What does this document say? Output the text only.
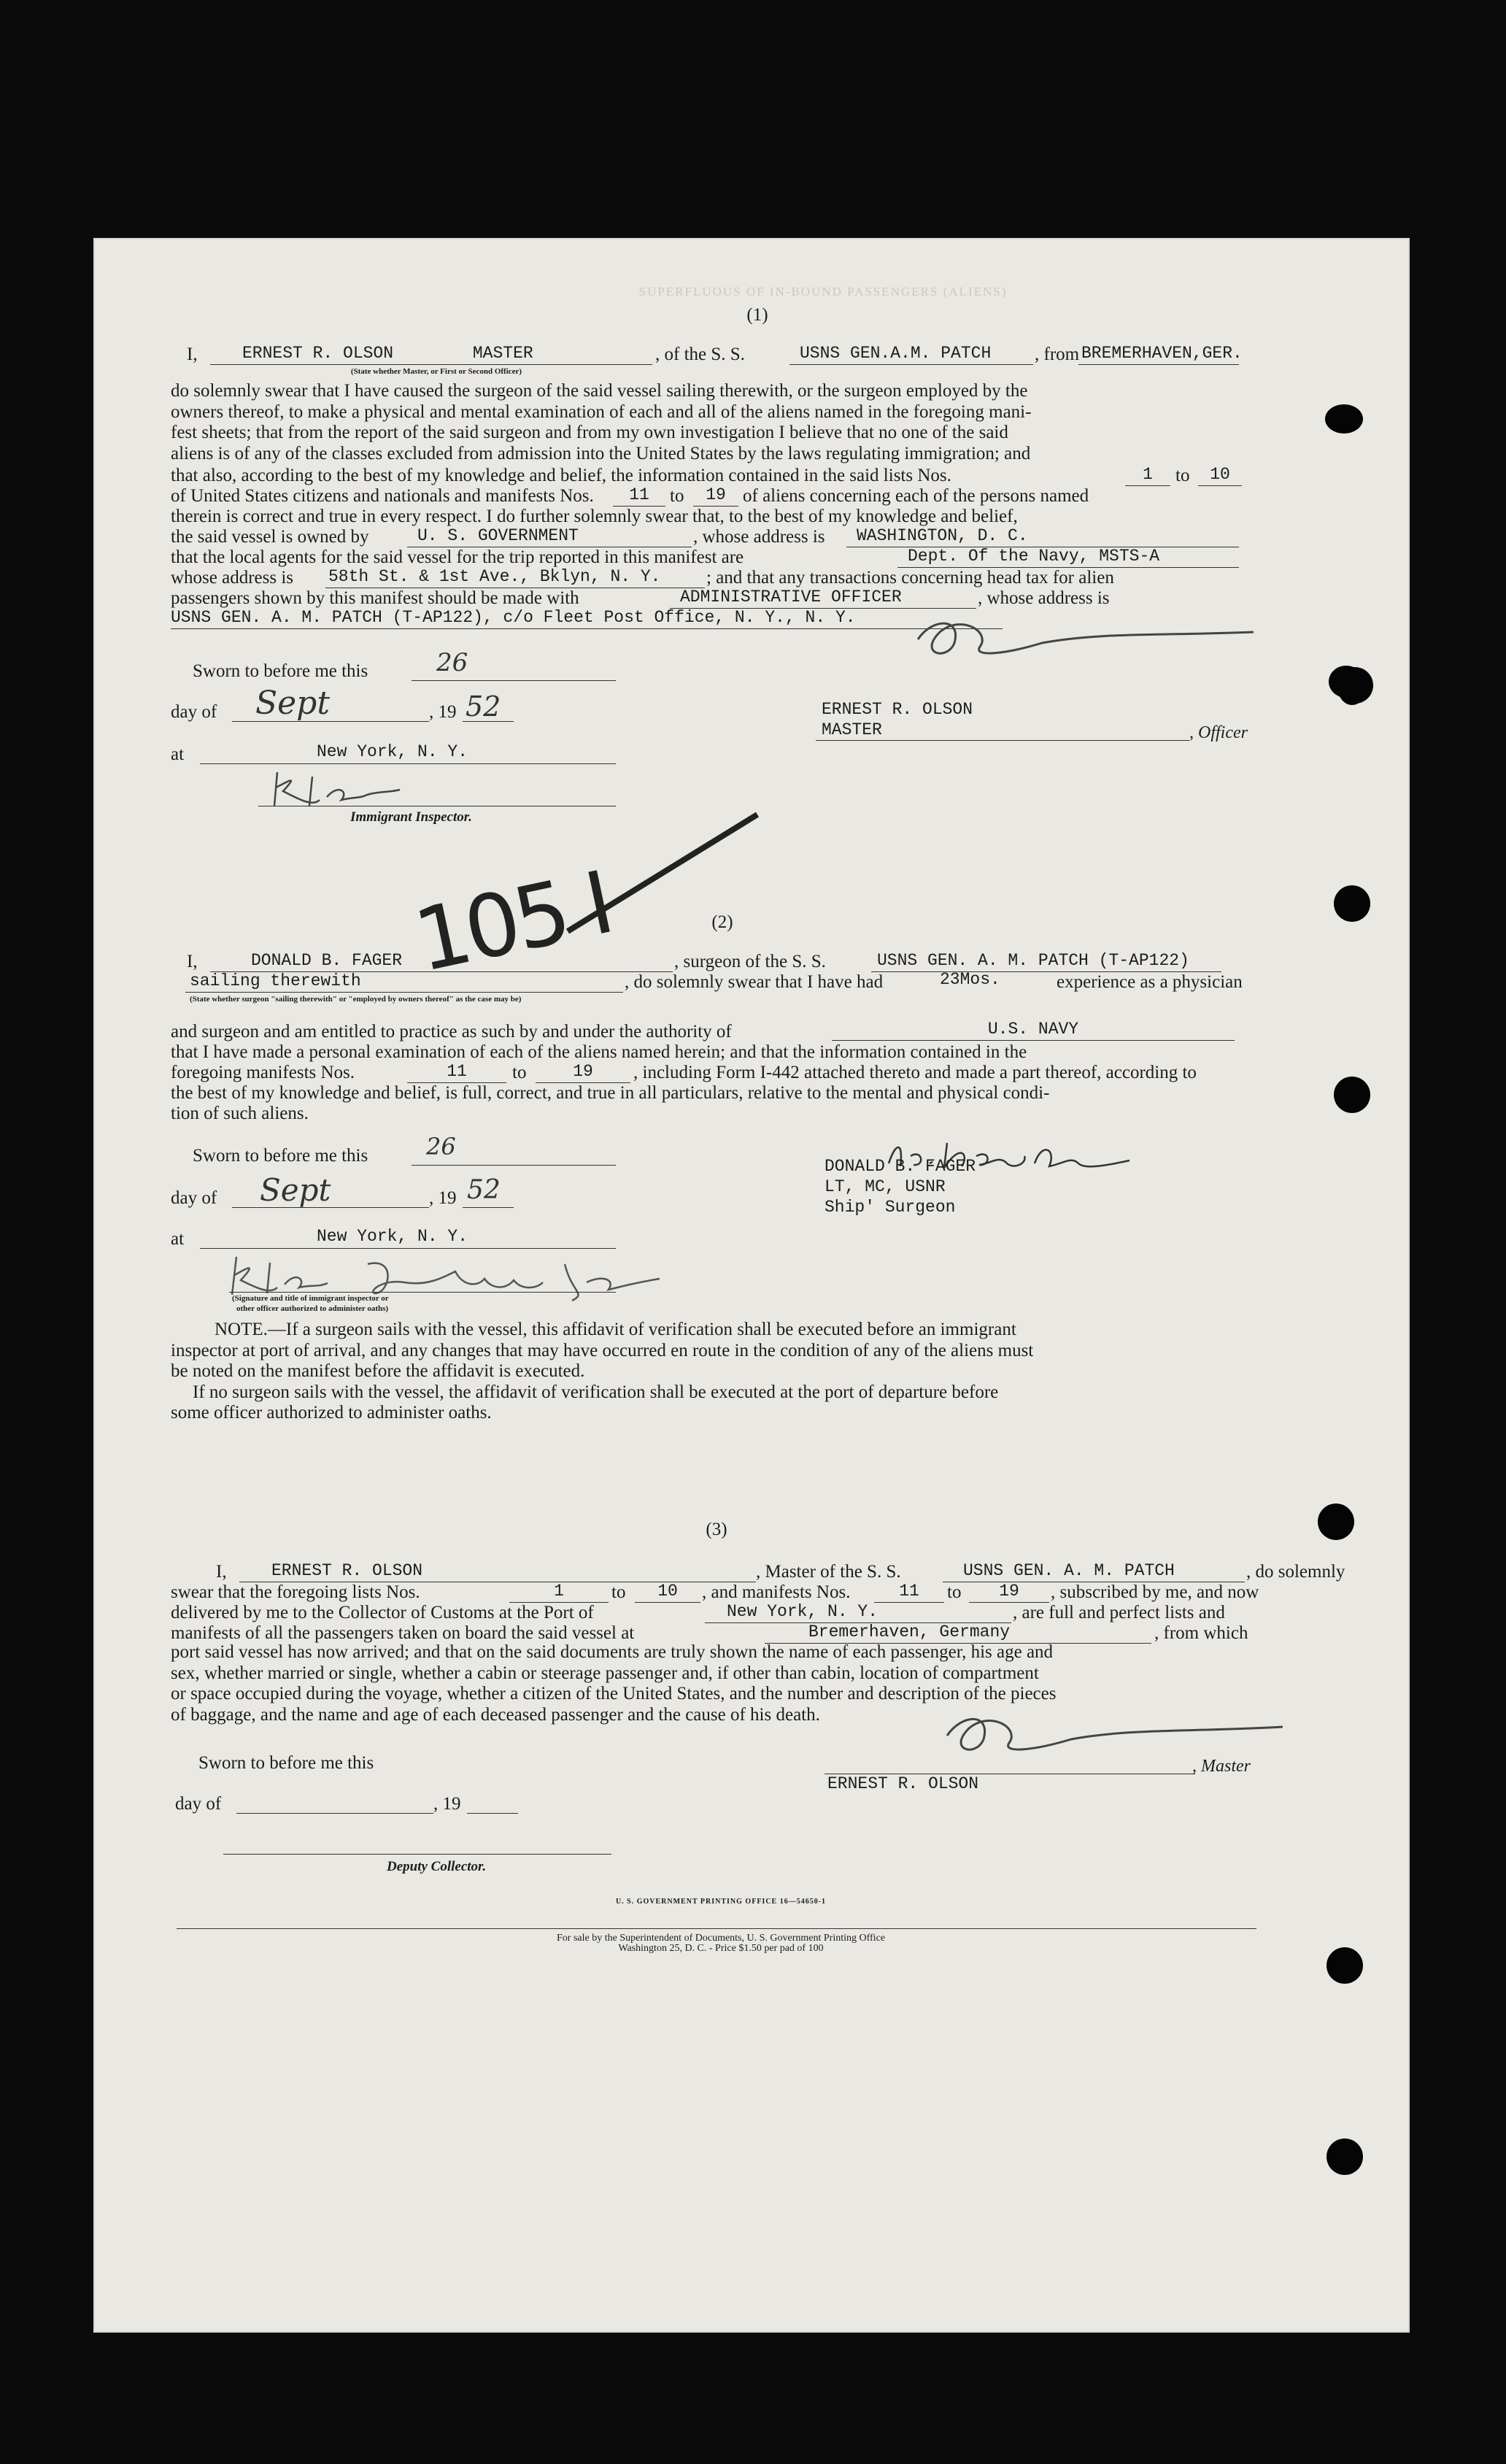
SUPERFLUOUS OF IN-BOUND PASSENGERS (ALIENS)
(1)
I,	ERNEST R. OLSON	MASTER
(State whether Master, or First or Second Officer)
, of the S. S.	USNS GEN.A.M. PATCH	, from BREMERHAVEN,GER.
do solemnly swear that I have caused the surgeon of the said vessel sailing therewith, or the surgeon employed by the
owners thereof, to make a physical and mental examination of each and all of the aliens named in the foregoing mani-
fest sheets; that from the report of the said surgeon and from my own investigation I believe that no one of the said
aliens is of any of the classes excluded from admission into the United States by the laws regulating immigration; and
that also, according to the best of my knowledge and belief, the information contained in the said lists Nos.	1	to	10
of United States citizens and nationals and manifests Nos.	11	to	19 of aliens concerning each of the persons named
therein is correct and true in every respect. I do further solemnly swear that, to the best of my knowledge and belief,
the said vessel is owned by	U. S. GOVERNMENT	, whose address is	WASHINGTON, D. C.
that the local agents for the said vessel for the trip reported in this manifest are	Dept. Of the Navy, MSTS-A
whose address is 58th St. & 1st Ave., Bklyn, N. Y.	; and that any transactions concerning head tax for alien
passengers shown by this manifest should be made with	ADMINISTRATIVE OFFICER	, whose address is
USNS GEN. A. M. PATCH (T-AP122), c/o Fleet Post Office, N. Y., N. Y.
Sworn to before me this	26
day of Sept	, 19 52
at	New York, N. Y.
Immigrant Inspector.
ERNEST R. OLSON
MASTER	, Officer
105 I	(2)
I,	DONALD B. FAGER	, surgeon of the S. S.	USNS GEN. A. M. PATCH (T-AP122)
sailing therewith	, do solemnly swear that I have had	23Mos.	experience as a physician
(State whether surgeon "sailing therewith" or "employed by owners thereof" as the case may be)
and surgeon and am entitled to practice as such by and under the authority of	U.S. NAVY
that I have made a personal examination of each of the aliens named herein; and that the information contained in the
foregoing manifests Nos.	11	to	19	, including Form I-442 attached thereto and made a part thereof, according to
the best of my knowledge and belief, is full, correct, and true in all particulars, relative to the mental and physical condi-
tion of such aliens.
Sworn to before me this 26
day of Sept	, 19 52
at	New York, N. Y.
(Signature and title of immigrant inspector or
other officer authorized to administer oaths)
DONALD B. FAGER
LT, MC, USNR
Ship' Surgeon
NOTE.—If a surgeon sails with the vessel, this affidavit of verification shall be executed before an immigrant
inspector at port of arrival, and any changes that may have occurred en route in the condition of any of the aliens must
be noted on the manifest before the affidavit is executed.
If no surgeon sails with the vessel, the affidavit of verification shall be executed at the port of departure before
some officer authorized to administer oaths.
(3)
I,	ERNEST R. OLSON	, Master of the S. S.	USNS GEN. A. M. PATCH	, do solemnly
swear that the foregoing lists Nos.	1	to	10	, and manifests Nos.	11	to	19	, subscribed by me, and now
delivered by me to the Collector of Customs at the Port of	New York, N. Y.	, are full and perfect lists and
manifests of all the passengers taken on board the said vessel at	Bremerhaven, Germany	, from which
port said vessel has now arrived; and that on the said documents are truly shown the name of each passenger, his age and
sex, whether married or single, whether a cabin or steerage passenger and, if other than cabin, location of compartment
or space occupied during the voyage, whether a citizen of the United States, and the number and description of the pieces
of baggage, and the name and age of each deceased passenger and the cause of his death.
Sworn to before me this
day of	, 19
Deputy Collector.
, Master
ERNEST R. OLSON
U. S. GOVERNMENT PRINTING OFFICE 16—54650-1
For sale by the Superintendent of Documents, U. S. Government Printing Office
Washington 25, D. C. - Price $1.50 per pad of 100
